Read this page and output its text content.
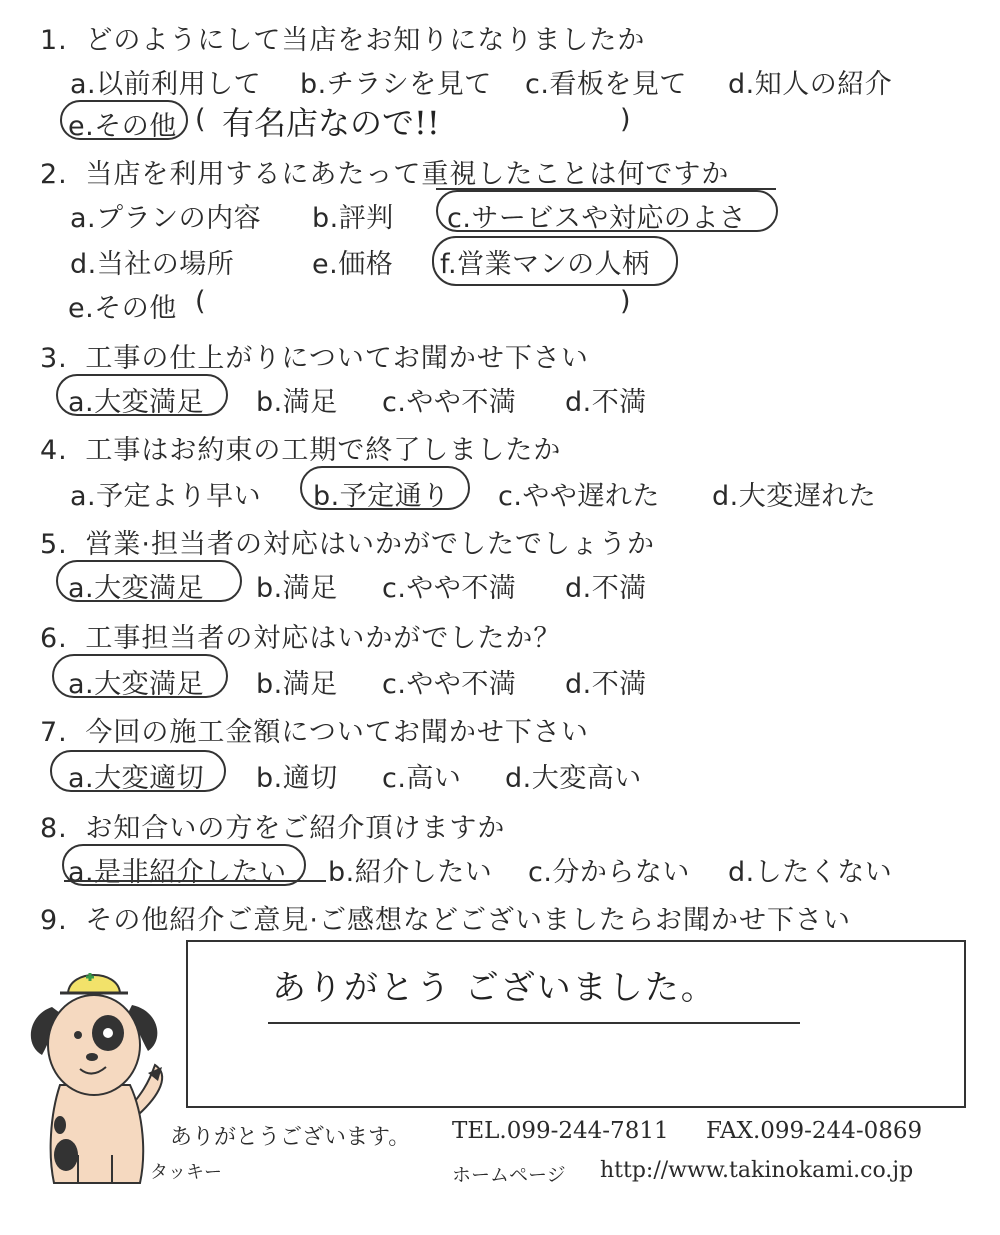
1. どのようにして当店をお知りになりましたか
a.以前利用して b.チラシを見て c.看板を見て d.知人の紹介
e.その他 ( 有名店なので!!	)
2. 当店を利用するにあたって重視したことは何ですか
a.プランの内容 b.評判 c.サービスや対応のよさ
d.当社の場所	e.価格 f.営業マンの人柄
e.その他 (	)
3. 工事の仕上がりについてお聞かせ下さい
a.大変満足 b.満足 c.やや不満 d.不満
4. 工事はお約束の工期で終了しましたか
a.予定より早い b.予定通り c.やや遅れた d.大変遅れた
5. 営業·担当者の対応はいかがでしたでしょうか
a.大変満足 b.満足 c.やや不満 d.不満
6. 工事担当者の対応はいかがでしたか？
a.大変満足 b.満足 c.やや不満 d.不満
7. 今回の施工金額についてお聞かせ下さい
a.大変適切 b.適切 c.高い d.大変高い
8. お知合いの方をご紹介頂けますか
a.是非紹介したい b.紹介したい c.分からない d.したくない
9. その他紹介ご意見·ご感想などございましたらお聞かせ下さい
ありがとう ございました。
ありがとうございます。
タッキー
TEL.099-244-7811 FAX.099-244-0869
ホームページ http://www.takinokami.co.jp
